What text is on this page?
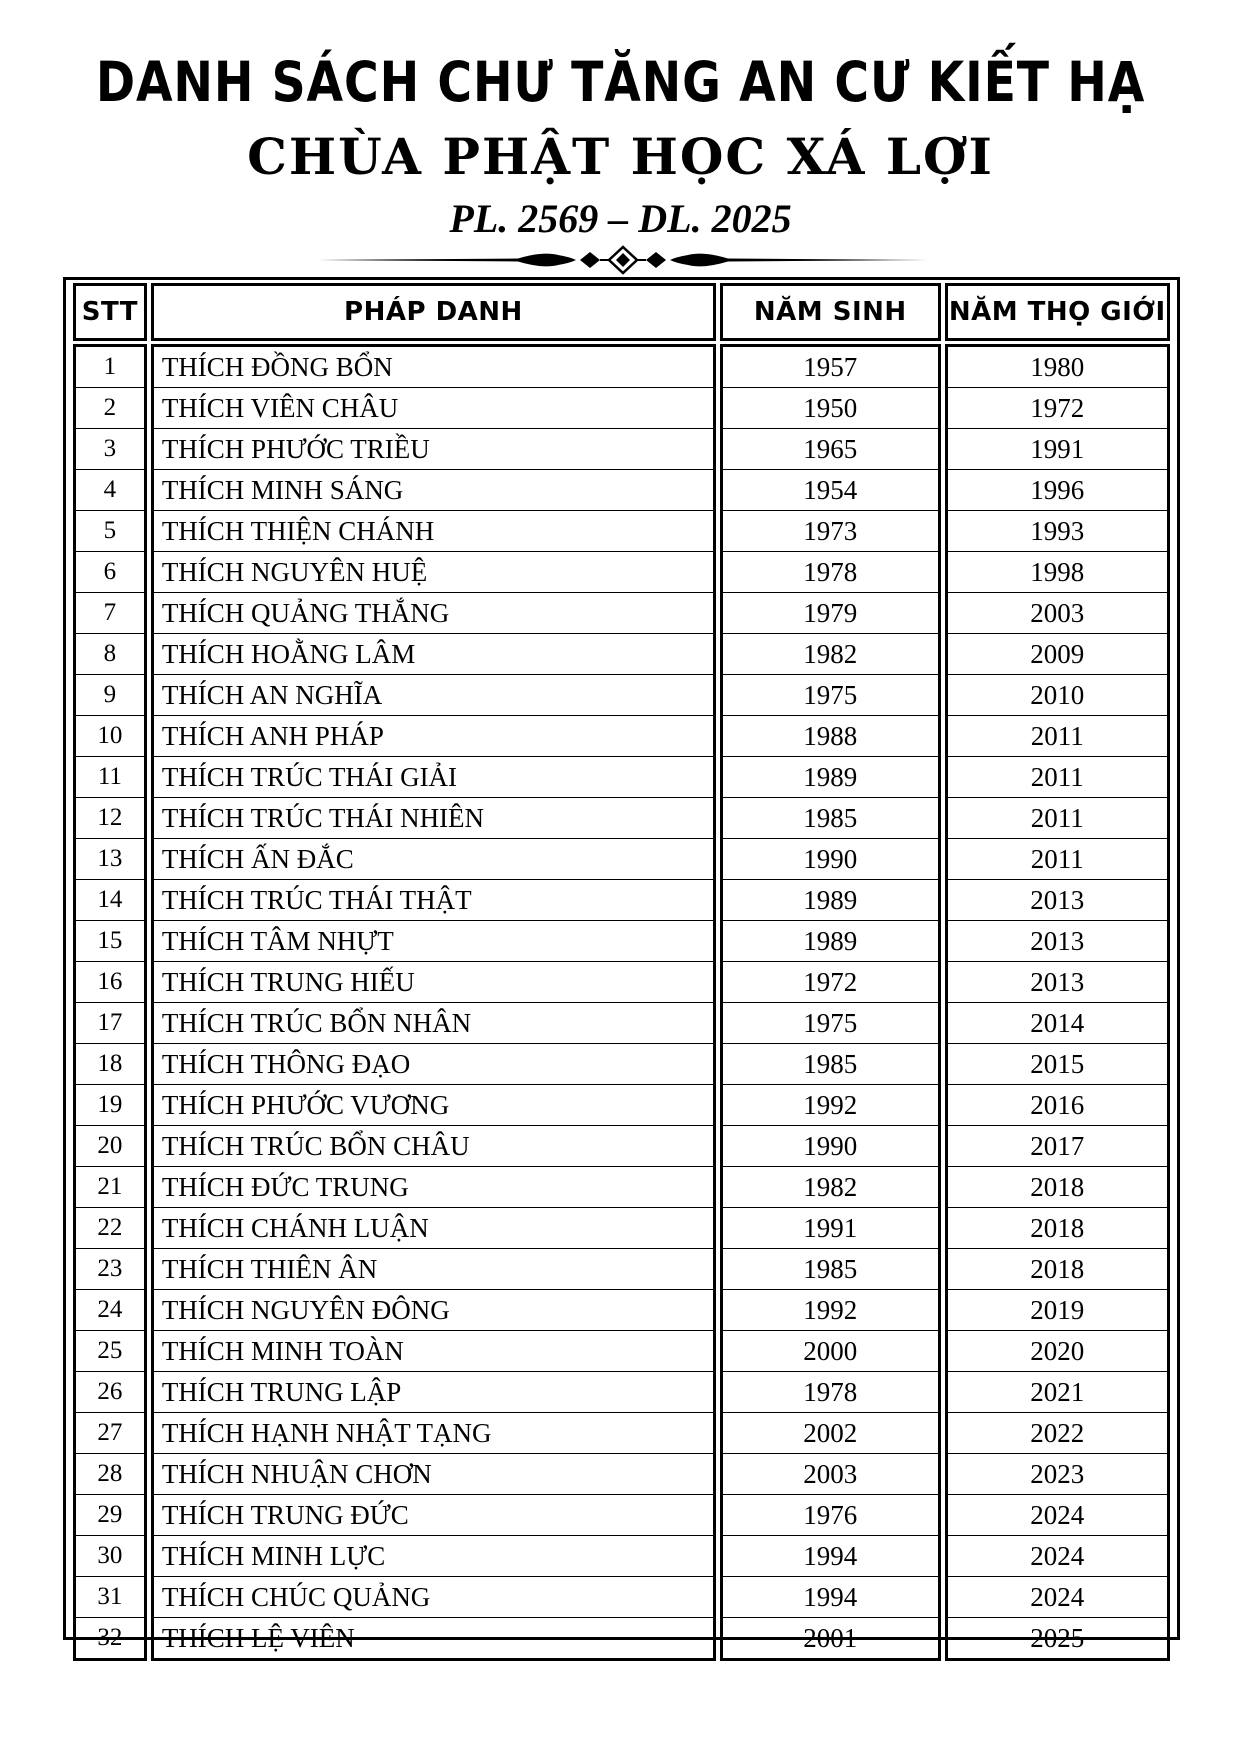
DANH SÁCH CHƯ TĂNG AN CƯ KIẾT HẠ
CHÙA PHẬT HỌC XÁ LỢI
PL. 2569 – DL. 2025
STT	PHÁP DANH	NĂM SINH	NĂM THỌ GIỚI

1	THÍCH ĐỒNG BỔN	1957	1980
2	THÍCH VIÊN CHÂU	1950	1972
3	THÍCH PHƯỚC TRIỀU	1965	1991
4	THÍCH MINH SÁNG	1954	1996
5	THÍCH THIỆN CHÁNH	1973	1993
6	THÍCH NGUYÊN HUỆ	1978	1998
7	THÍCH QUẢNG THẮNG	1979	2003
8	THÍCH HOẰNG LÂM	1982	2009
9	THÍCH AN NGHĨA	1975	2010
10	THÍCH ANH PHÁP	1988	2011
11	THÍCH TRÚC THÁI GIẢI	1989	2011
12	THÍCH TRÚC THÁI NHIÊN	1985	2011
13	THÍCH ẤN ĐẮC	1990	2011
14	THÍCH TRÚC THÁI THẬT	1989	2013
15	THÍCH TÂM NHỰT	1989	2013
16	THÍCH TRUNG HIẾU	1972	2013
17	THÍCH TRÚC BỔN NHÂN	1975	2014
18	THÍCH THÔNG ĐẠO	1985	2015
19	THÍCH PHƯỚC VƯƠNG	1992	2016
20	THÍCH TRÚC BỔN CHÂU	1990	2017
21	THÍCH ĐỨC TRUNG	1982	2018
22	THÍCH CHÁNH LUẬN	1991	2018
23	THÍCH THIÊN ÂN	1985	2018
24	THÍCH NGUYÊN ĐÔNG	1992	2019
25	THÍCH MINH TOÀN	2000	2020
26	THÍCH TRUNG LẬP	1978	2021
27	THÍCH HẠNH NHẬT TẠNG	2002	2022
28	THÍCH NHUẬN CHƠN	2003	2023
29	THÍCH TRUNG ĐỨC	1976	2024
30	THÍCH MINH LỰC	1994	2024
31	THÍCH CHÚC QUẢNG	1994	2024
32	THÍCH LỆ VIÊN	2001	2025
